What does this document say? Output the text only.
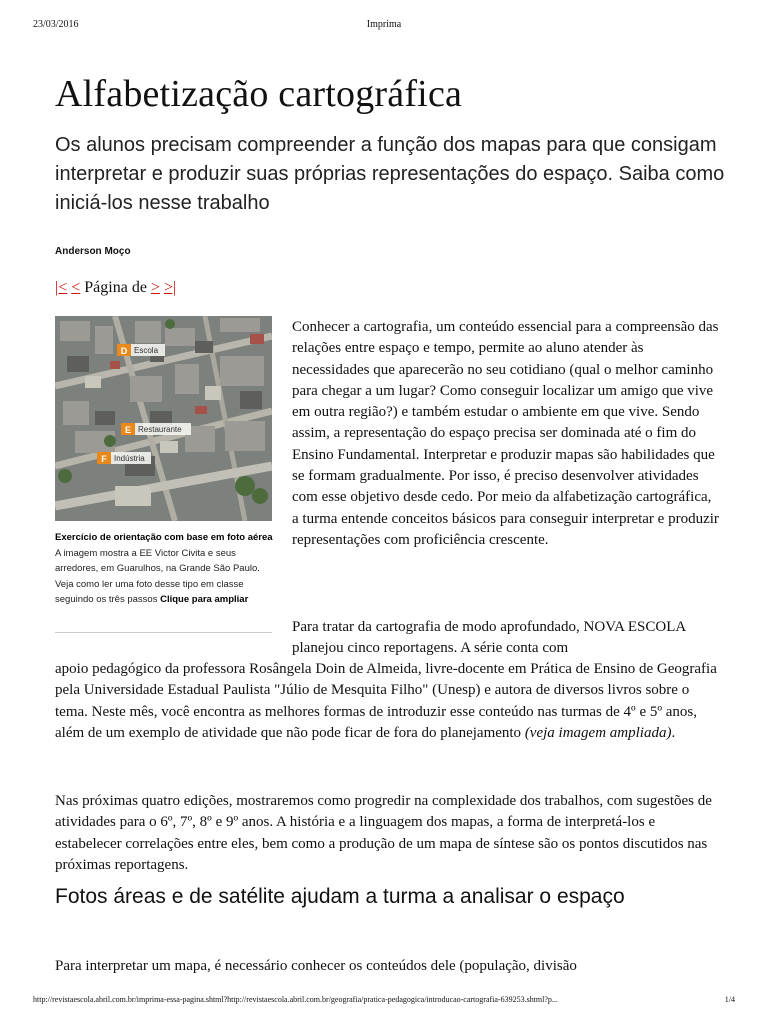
23/03/2016	Imprima
Alfabetização cartográfica

Os alunos precisam compreender a função dos mapas para que consigam interpretar e produzir suas próprias representações do espaço. Saiba como iniciá-los nesse trabalho

Anderson Moço
|< < Página de > >|
D Escola
E Restaurante
F Indústria
Exercício de orientação com base em foto aérea A imagem mostra a EE Victor Civita e seus arredores, em Guarulhos, na Grande São Paulo. Veja como ler uma foto desse tipo em classe seguindo os três passos Clique para ampliar

Conhecer a cartografia, um conteúdo essencial para a compreensão das relações entre espaço e tempo, permite ao aluno atender às necessidades que aparecerão no seu cotidiano (qual o melhor caminho para chegar a um lugar? Como conseguir localizar um amigo que vive em outra região?) e também estudar o ambiente em que vive. Sendo assim, a representação do espaço precisa ser dominada até o fim do Ensino Fundamental. Interpretar e produzir mapas são habilidades que se formam gradualmente. Por isso, é preciso desenvolver atividades com esse objetivo desde cedo. Por meio da alfabetização cartográfica, a turma entende conceitos básicos para conseguir interpretar e produzir representações com proficiência crescente.

Para tratar da cartografia de modo aprofundado, NOVA ESCOLA planejou cinco reportagens. A série conta com

apoio pedagógico da professora Rosângela Doin de Almeida, livre-docente em Prática de Ensino de Geografia pela Universidade Estadual Paulista "Júlio de Mesquita Filho" (Unesp) e autora de diversos livros sobre o tema. Neste mês, você encontra as melhores formas de introduzir esse conteúdo nas turmas de 4º e 5º anos, além de um exemplo de atividade que não pode ficar de fora do planejamento (veja imagem ampliada).

Nas próximas quatro edições, mostraremos como progredir na complexidade dos trabalhos, com sugestões de atividades para o 6º, 7º, 8º e 9º anos. A história e a linguagem dos mapas, a forma de interpretá-los e estabelecer correlações entre eles, bem como a produção de um mapa de síntese são os pontos discutidos nas próximas reportagens.

Fotos áreas e de satélite ajudam a turma a analisar o espaço

Para interpretar um mapa, é necessário conhecer os conteúdos dele (população, divisão

http://revistaescola.abril.com.br/imprima-essa-pagina.shtml?http://revistaescola.abril.com.br/geografia/pratica-pedagogica/introducao-cartografia-639253.shtml?p...	1/4
